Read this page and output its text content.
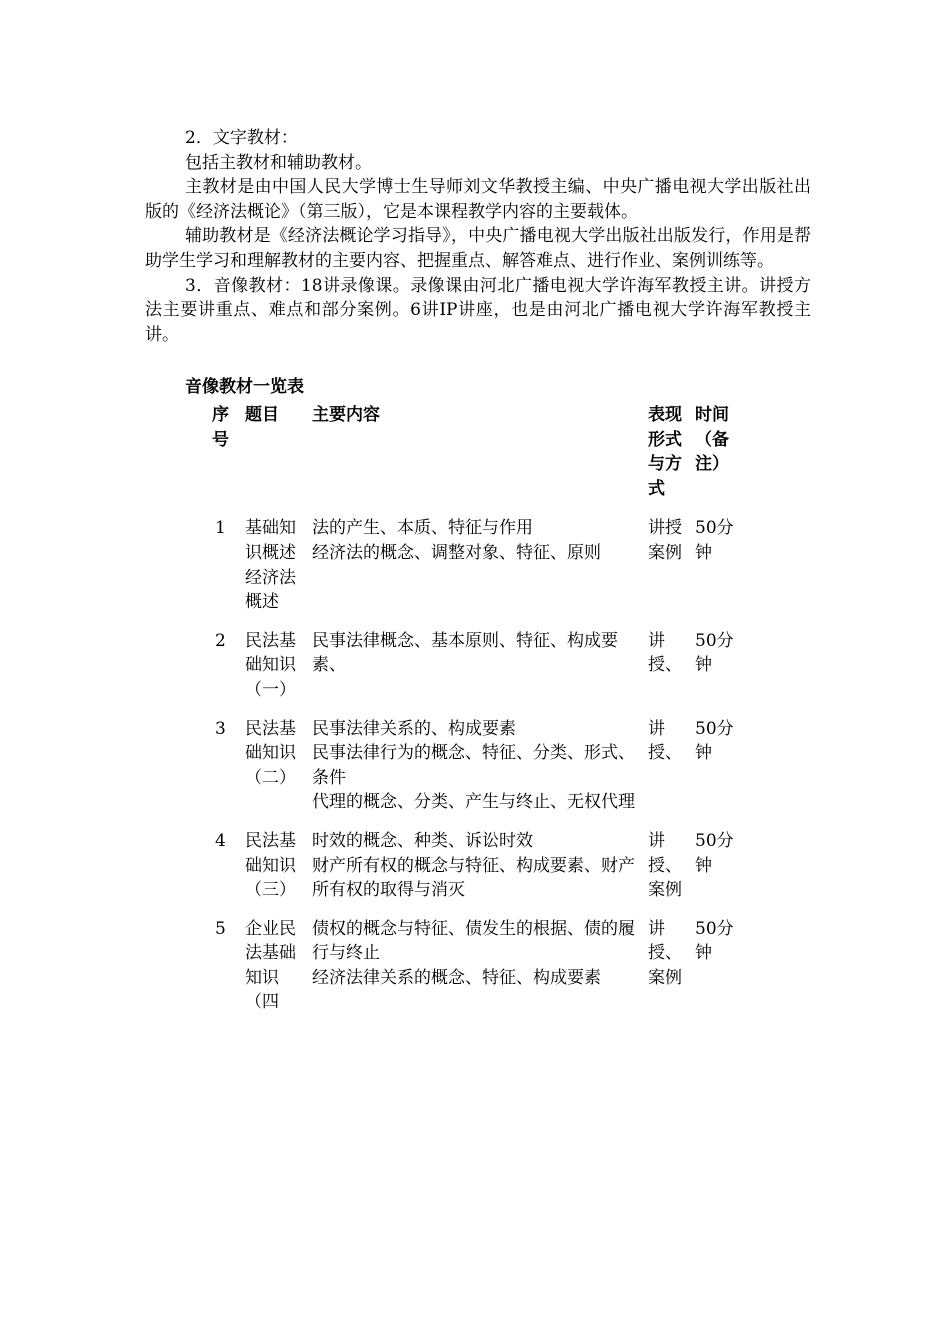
2．文字教材：

包括主教材和辅助教材。

主教材是由中国人民大学博士生导师刘文华教授主编、中央广播电视大学出版社出版的《经济法概论》（第三版），它是本课程教学内容的主要载体。

辅助教材是《经济法概论学习指导》，中央广播电视大学出版社出版发行，作用是帮助学生学习和理解教材的主要内容、把握重点、解答难点、进行作业、案例训练等。

3．音像教材：18讲录像课。录像课由河北广播电视大学许海军教授主讲。讲授方法主要讲重点、难点和部分案例。6讲IP讲座，也是由河北广播电视大学许海军教授主讲。

音像教材一览表
序号	题目	主要内容	表现形式与方式	时间（备注）
1	基础知识概述经济法概述	法的产生、本质、特征与作用
经济法的概念、调整对象、特征、原则	讲授案例	50分钟
2	民法基础知识（一）	民事法律概念、基本原则、特征、构成要素、	讲授、	50分钟
3	民法基础知识（二）	民事法律关系的、构成要素
民事法律行为的概念、特征、分类、形式、条件
代理的概念、分类、产生与终止、无权代理	讲授、	50分钟
4	民法基础知识（三）	时效的概念、种类、诉讼时效
财产所有权的概念与特征、构成要素、财产所有权的取得与消灭	讲授、案例	50分钟
5	企业民法基础知识（四	债权的概念与特征、债发生的根据、债的履行与终止
经济法律关系的概念、特征、构成要素	讲授、案例	50分钟
